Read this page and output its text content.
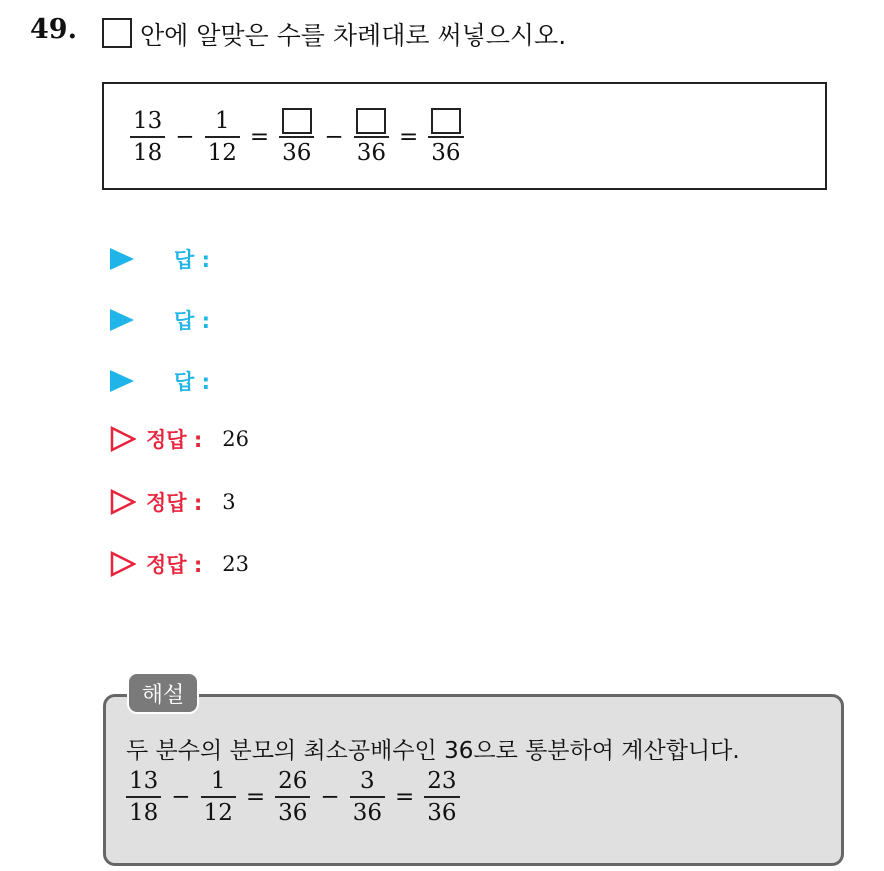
49.	안에 알맞은 수를 차례대로 써넣으시오.
$\frac{13}{18} - \frac{1}{12}$ =
36
−
36
=
36
답 :
답 :
답 :
정답 : 26
정답 : 3
정답 : 23
해설
두 분수의 분모의 최소공배수인 36으로 통분하여 계산합니다.
$\frac{13}{18} - \frac{1}{12} = \frac{26}{36} - \frac{3}{36} = \frac{23}{36}$
